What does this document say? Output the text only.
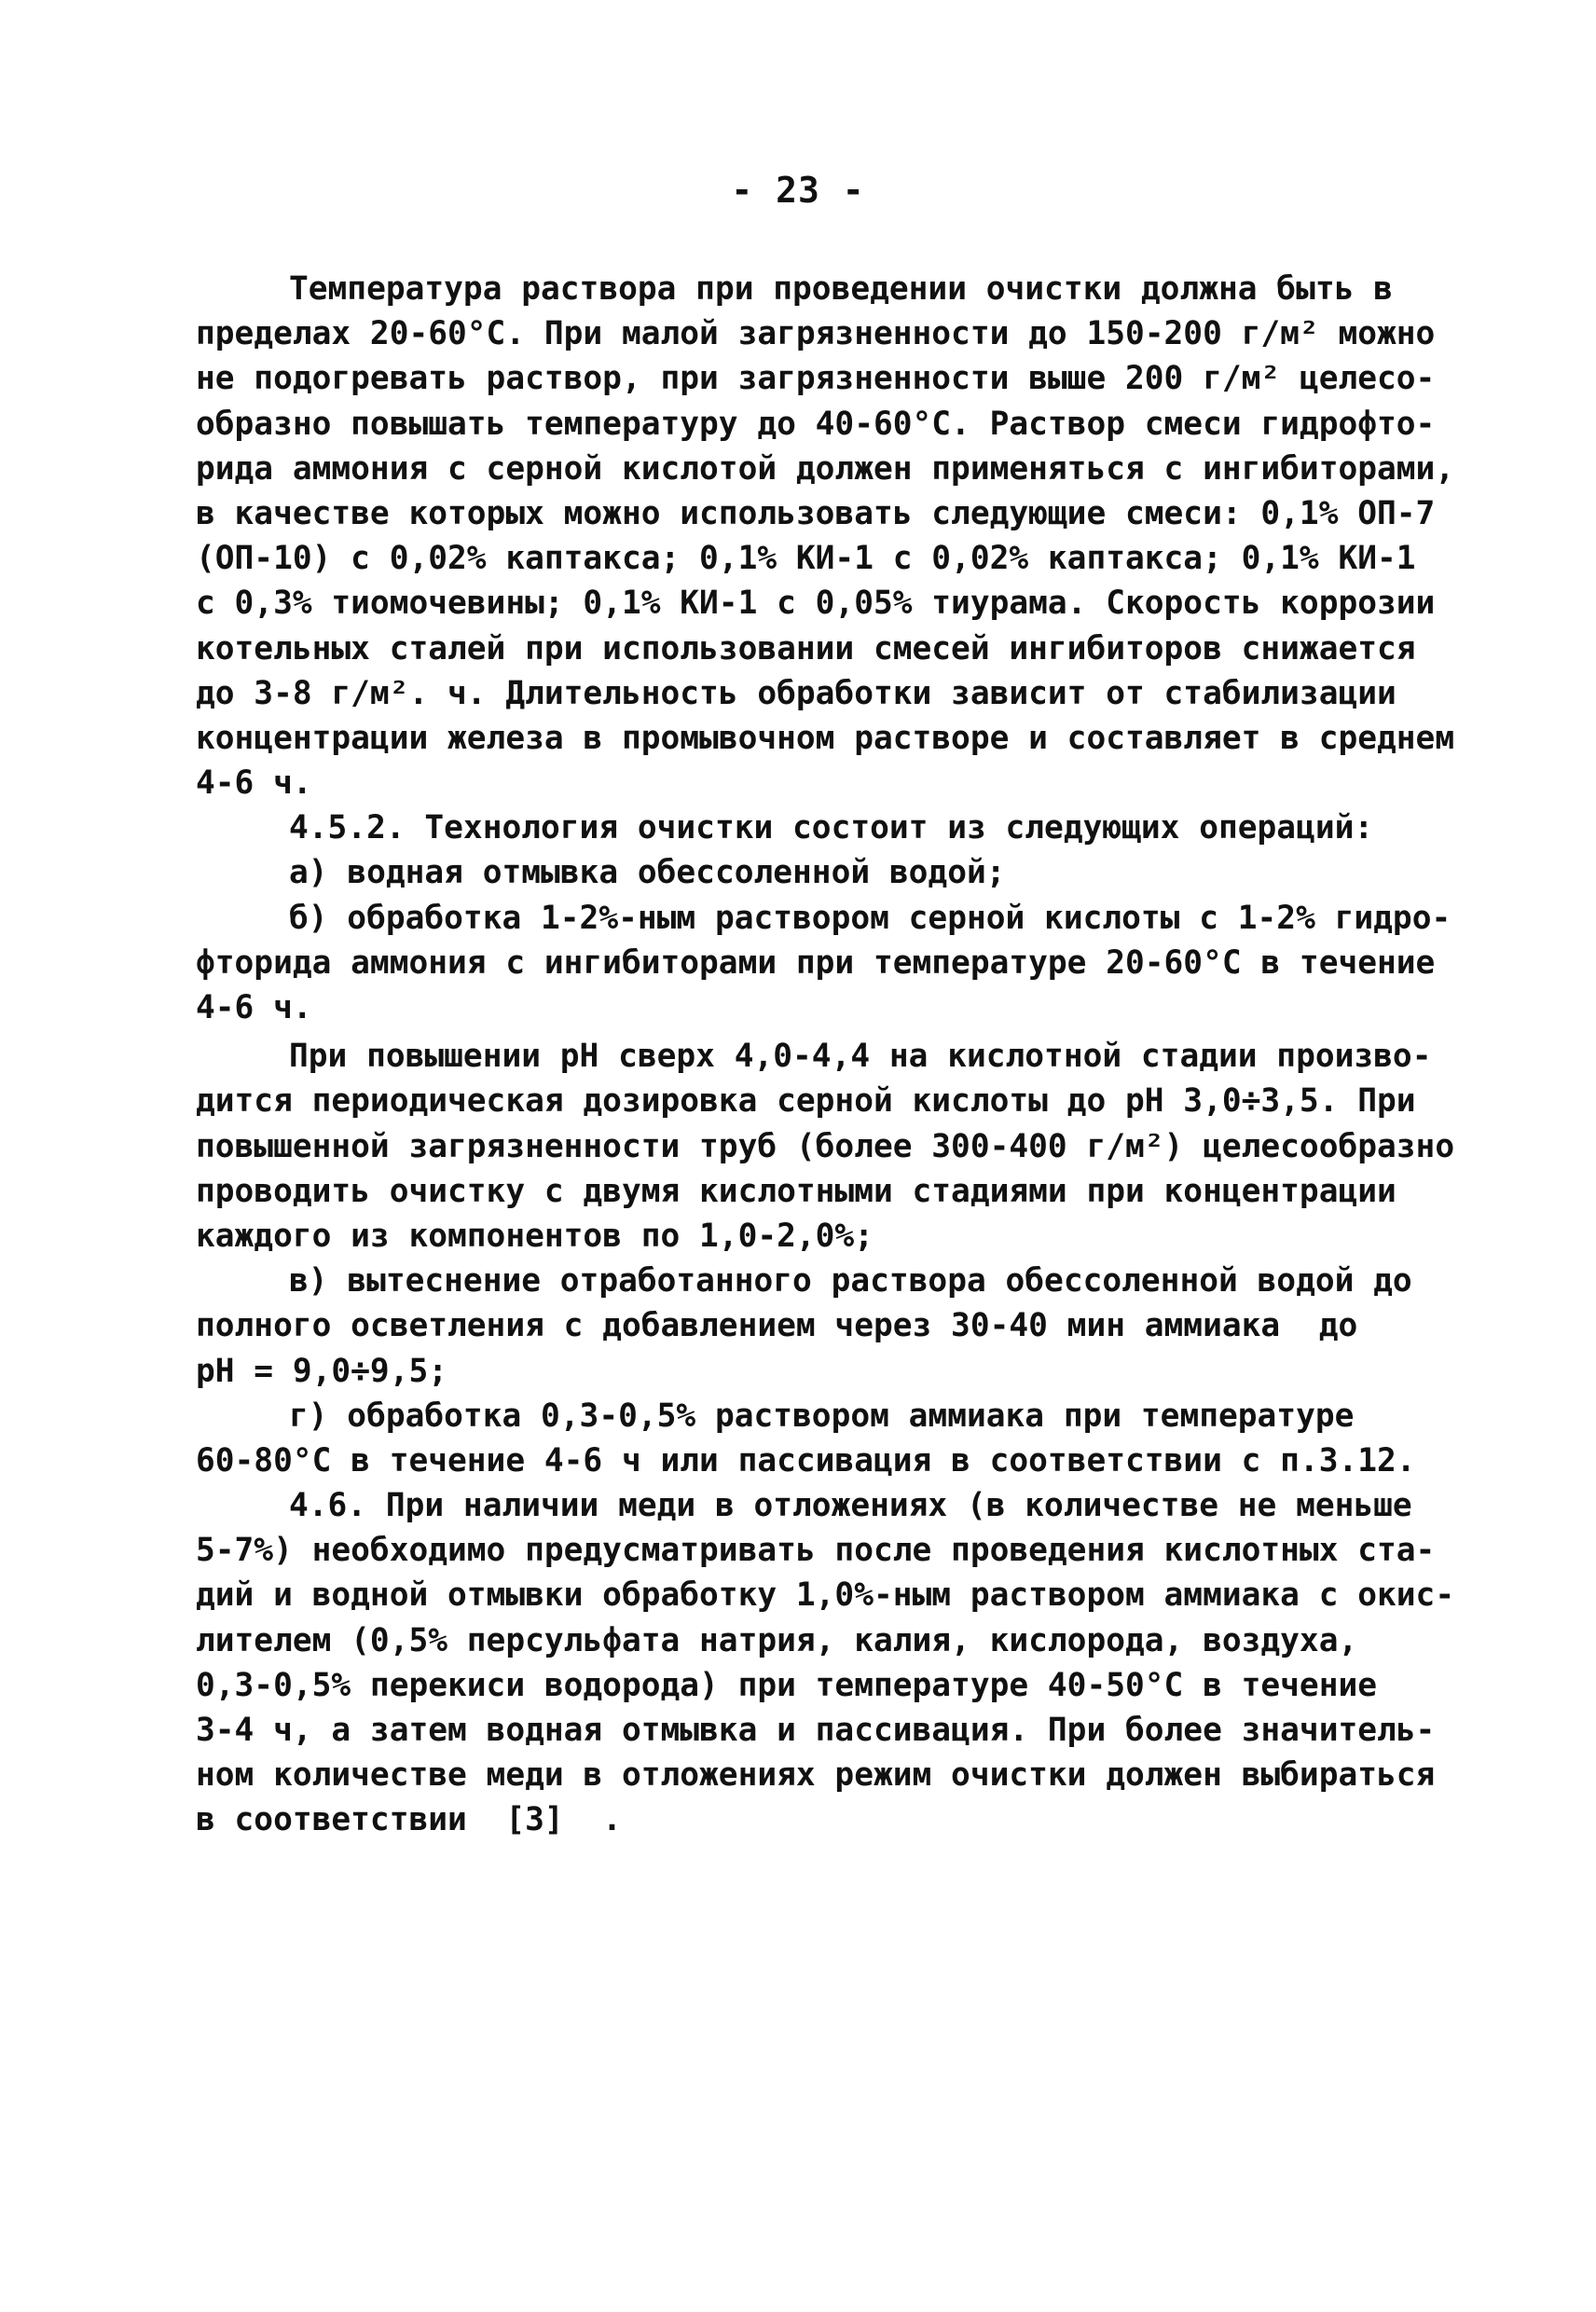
- 23 -
Температура раствора при проведении очистки должна быть в
пределах 20-60°C. При малой загрязненности до 150-200 г/м² можно
не подогревать раствор, при загрязненности выше 200 г/м² целесо-
образно повышать температуру до 40-60°C. Раствор смеси гидрофто-
рида аммония с серной кислотой должен применяться с ингибиторами,
в качестве которых можно использовать следующие смеси: 0,1% ОП-7
(ОП-10) с 0,02% каптакса; 0,1% КИ-1 с 0,02% каптакса; 0,1% КИ-1
с 0,3% тиомочевины; 0,1% КИ-1 с 0,05% тиурама. Скорость коррозии
котельных сталей при использовании смесей ингибиторов снижается
до 3-8 г/м². ч. Длительность обработки зависит от стабилизации
концентрации железа в промывочном растворе и составляет в среднем
4-6 ч.
4.5.2. Технология очистки состоит из следующих операций:
а) водная отмывка обессоленной водой;
б) обработка 1-2%-ным раствором серной кислоты с 1-2% гидро-
фторида аммония с ингибиторами при температуре 20-60°C в течение
4-6 ч.
При повышении pH сверх 4,0-4,4 на кислотной стадии произво-
дится периодическая дозировка серной кислоты до pH 3,0÷3,5. При
повышенной загрязненности труб (более 300-400 г/м²) целесообразно
проводить очистку с двумя кислотными стадиями при концентрации
каждого из компонентов по 1,0-2,0%;
в) вытеснение отработанного раствора обессоленной водой до
полного осветления с добавлением через 30-40 мин аммиака  до
pH = 9,0÷9,5;
г) обработка 0,3-0,5% раствором аммиака при температуре
60-80°C в течение 4-6 ч или пассивация в соответствии с п.3.12.
4.6. При наличии меди в отложениях (в количестве не меньше
5-7%) необходимо предусматривать после проведения кислотных ста-
дий и водной отмывки обработку 1,0%-ным раствором аммиака с окис-
лителем (0,5% персульфата натрия, калия, кислорода, воздуха,
0,3-0,5% перекиси водорода) при температуре 40-50°C в течение
3-4 ч, а затем водная отмывка и пассивация. При более значитель-
ном количестве меди в отложениях режим очистки должен выбираться
в соответствии  [3]  .
